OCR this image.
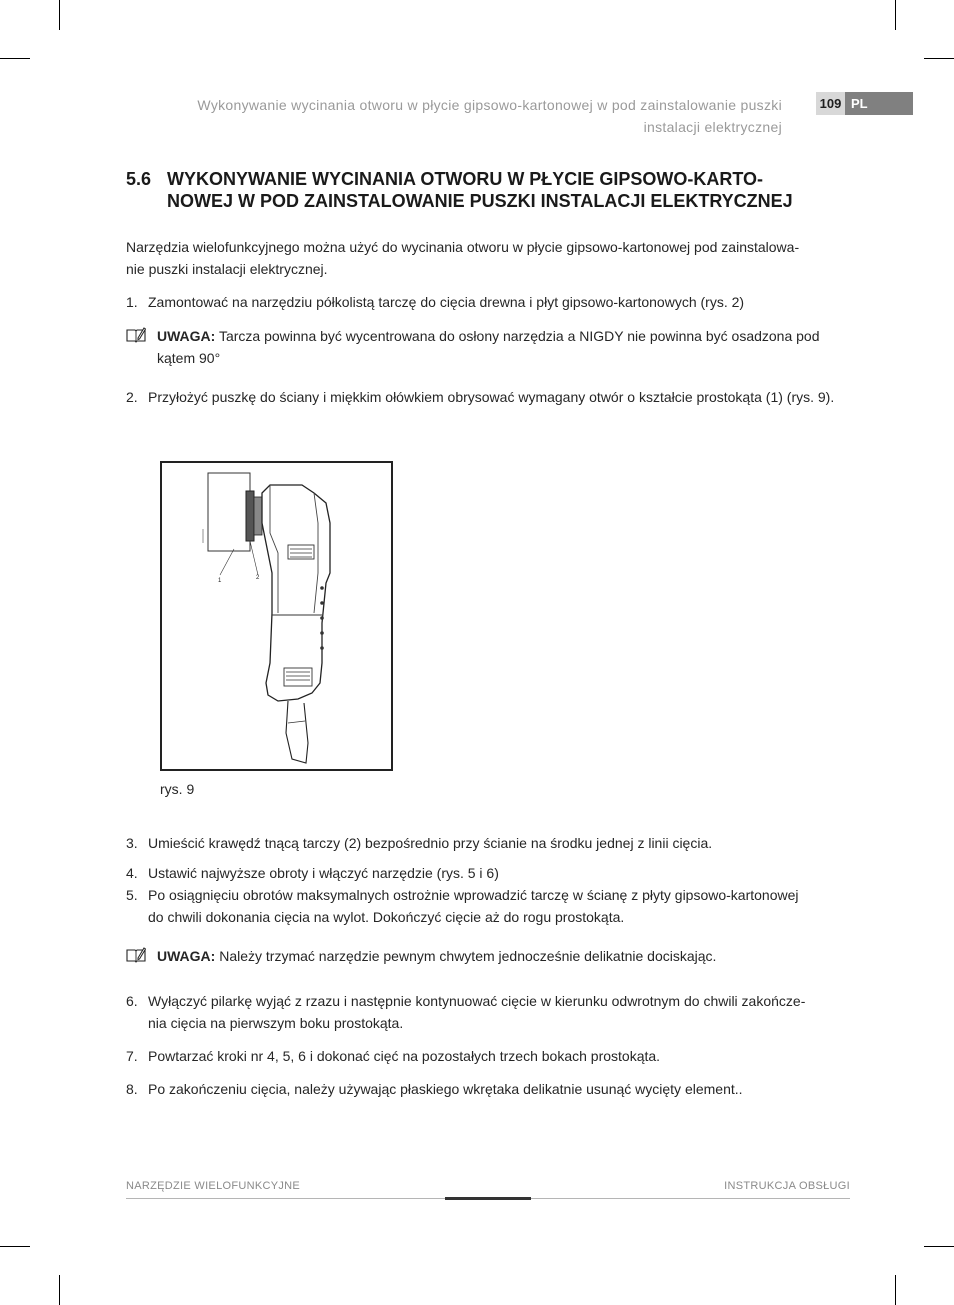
Wykonywanie wycinania otworu w płycie gipsowo-kartonowej w pod zainstalowanie puszki
instalacji elektrycznej
109 PL
5.6 WYKONYWANIE WYCINANIA OTWORU W PŁYCIE GIPSOWO-KARTO-
NOWEJ W POD ZAINSTALOWANIE PUSZKI INSTALACJI ELEKTRYCZNEJ
Narzędzia wielofunkcyjnego można użyć do wycinania otworu w płycie gipsowo-kartonowej pod zainstalowa-
nie puszki instalacji elektrycznej.
1. Zamontować na narzędziu półkolistą tarczę do cięcia drewna i płyt gipsowo-kartonowych (rys. 2)
UWAGA: Tarcza powinna być wycentrowana do osłony narzędzia a NIGDY nie powinna być osadzona pod kątem 90°
2. Przyłożyć puszkę do ściany i miękkim ołówkiem obrysować wymagany otwór o kształcie prostokąta (1) (rys. 9).
1	2
rys. 9
3. Umieścić krawędź tnącą tarczy (2) bezpośrednio przy ścianie na środku jednej z linii cięcia.
4. Ustawić najwyższe obroty i włączyć narzędzie (rys. 5 i 6)
5. Po osiągnięciu obrotów maksymalnych ostrożnie wprowadzić tarczę w ścianę z płyty gipsowo-kartonowej
do chwili dokonania cięcia na wylot. Dokończyć cięcie aż do rogu prostokąta.
UWAGA: Należy trzymać narzędzie pewnym chwytem jednocześnie delikatnie dociskając.
6. Wyłączyć pilarkę wyjąć z rzazu i następnie kontynuować cięcie w kierunku odwrotnym do chwili zakończe-
nia cięcia na pierwszym boku prostokąta.
7. Powtarzać kroki nr 4, 5, 6 i dokonać cięć na pozostałych trzech bokach prostokąta.
8. Po zakończeniu cięcia, należy używając płaskiego wkrętaka delikatnie usunąć wycięty element..
NARZĘDZIE WIELOFUNKCYJNE	INSTRUKCJA OBSŁUGI
